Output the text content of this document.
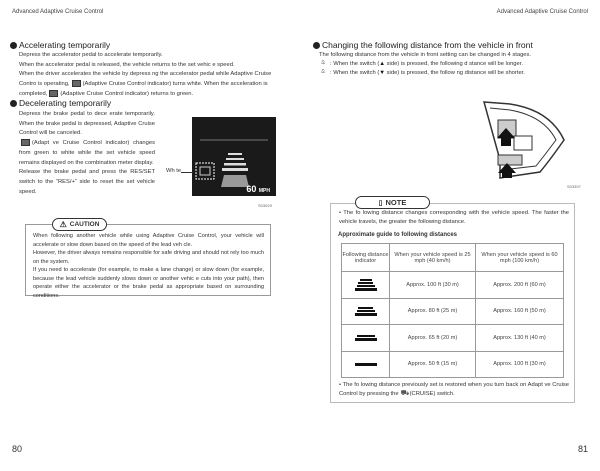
Advanced Adaptive Cruise Control	Advanced Adaptive Cruise Control
Accelerating temporarily
Depress the accelerator pedal to accelerate temporarily.
When the accelerator pedal is released, the vehicle returns to the set vehic e speed.
When the driver accelerates the vehicle by depress ng the accelerator pedal while Adaptive Cruise Contro is operating, (Adaptive Cruise Control indicator) turns white. When the acceleration is completed, (Adaptive Cruise Control indicator) returns to green.
Decelerating temporarily
Depress the brake pedal to dece erate temporarily. When the brake pedal is depressed, Adaptive Cruise Control will be canceled.
(Adapt ve Cruise Control indicator) changes from green to white while the set vehicle speed remains displayed on the combination meter display.
Release the brake pedal and press the RES/SET switch to the “RES/+” side to reset the set vehicle speed.	60 MPH
Wh te
S03029
When following another vehicle while using Adaptive Cruise Control, your vehicle will accelerate or slow down based on the speed of the lead veh cle.
However, the driver always remains responsible for safe driving and should not rely too much on the system.
If you need to accelerate (for example, to make a lane change) or slow down (for example, because the lead vehicle suddenly slows down or another vehic e cuts into your path), then operate either the accelerator or the brake pedal as appropriate based on surrounding conditions.
⚠ CAUTION
80
Changing the following distance from the vehicle in front
The following distance from the vehicle in front setting can be changed in 4 stages.
⩯ : When the switch (▲ side) is pressed, the following d stance will be longer.
⩯ : When the switch (▼ side) is pressed, the follow ng distance will be shorter.
S03397
• The fo lowing distance changes corresponding with the vehicle speed. The faster the vehicle travels, the greater the following distance.
Approximate guide to following distances
Following distance indicator	When your vehicle speed is 25 mph (40 km/h)	When your vehicle speed is 60 mph (100 km/h)

	Approx. 100 ft (30 m)	Approx. 200 ft (60 m)

	Approx. 80 ft (25 m)	Approx. 160 ft (50 m)

	Approx. 65 ft (20 m)	Approx. 130 ft (40 m)

	Approx. 50 ft (15 m)	Approx. 100 ft (30 m)
• The fo lowing distance previously set is restored when you turn back on Adapt ve Cruise Control by pressing the ⛟(CRUISE) switch.
▯ NOTE
81
